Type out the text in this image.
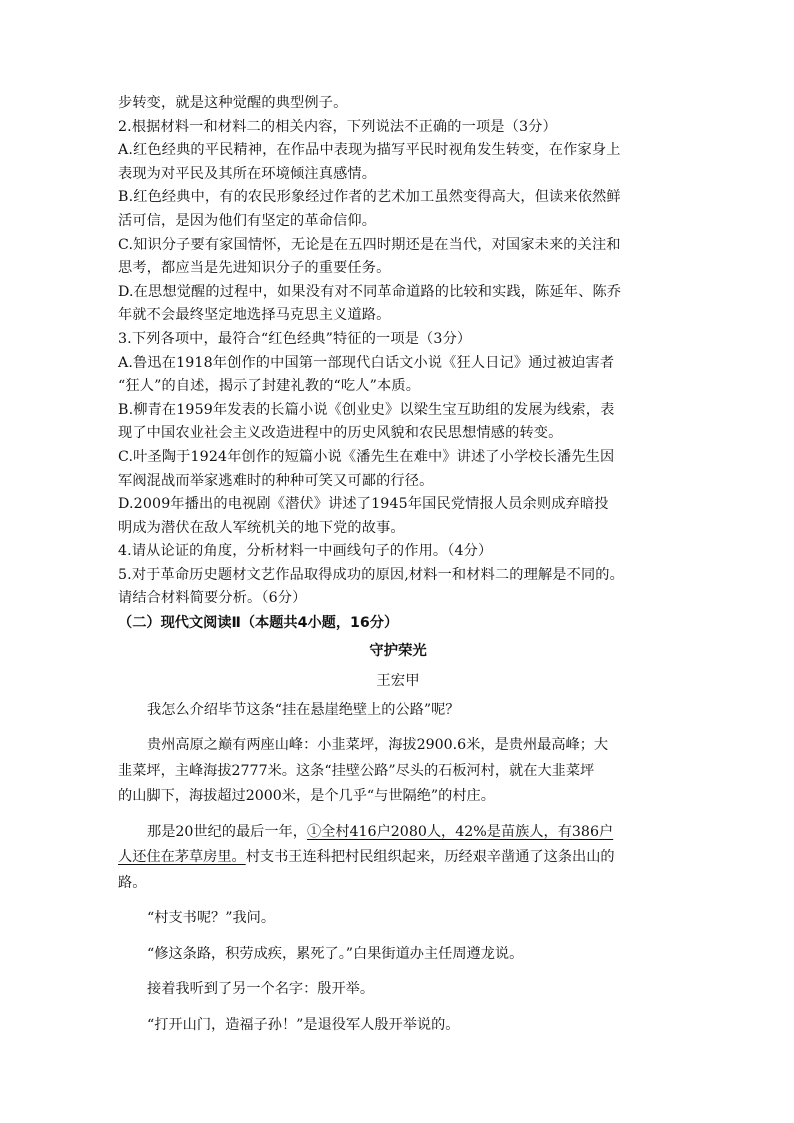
步转变，就是这种觉醒的典型例子。
2.根据材料一和材料二的相关内容，下列说法不正确的一项是（3分）
A.红色经典的平民精神，在作品中表现为描写平民时视角发生转变，在作家身上
表现为对平民及其所在环境倾注真感情。
B.红色经典中，有的农民形象经过作者的艺术加工虽然变得高大，但读来依然鲜
活可信，是因为他们有坚定的革命信仰。
C.知识分子要有家国情怀，无论是在五四时期还是在当代，对国家未来的关注和
思考，都应当是先进知识分子的重要任务。
D.在思想觉醒的过程中，如果没有对不同革命道路的比较和实践，陈延年、陈乔
年就不会最终坚定地选择马克思主义道路。
3.下列各项中，最符合“红色经典”特征的一项是（3分）
A.鲁迅在1918年创作的中国第一部现代白话文小说《狂人日记》通过被迫害者
“狂人”的自述，揭示了封建礼教的“吃人”本质。
B.柳青在1959年发表的长篇小说《创业史》以梁生宝互助组的发展为线索，表
现了中国农业社会主义改造进程中的历史风貌和农民思想情感的转变。
C.叶圣陶于1924年创作的短篇小说《潘先生在难中》讲述了小学校长潘先生因
军阀混战而举家逃难时的种种可笑又可鄙的行径。
D.2009年播出的电视剧《潜伏》讲述了1945年国民党情报人员余则成弃暗投
明成为潜伏在敌人军统机关的地下党的故事。
4.请从论证的角度，分析材料一中画线句子的作用。（4分）
5.对于革命历史题材文艺作品取得成功的原因,材料一和材料二的理解是不同的。
请结合材料简要分析。（6分）
（二）现代文阅读Ⅱ（本题共4小题，16分）
守护荣光
王宏甲
我怎么介绍毕节这条“挂在悬崖绝壁上的公路”呢？
贵州高原之巅有两座山峰：小韭菜坪，海拔2900.6米，是贵州最高峰；大
韭菜坪，主峰海拔2777米。这条“挂壁公路”尽头的石板河村，就在大韭菜坪
的山脚下，海拔超过2000米，是个几乎“与世隔绝”的村庄。
那是20世纪的最后一年，①全村416户2080人，42%是苗族人，有386户
人还住在茅草房里。村支书王连科把村民组织起来，历经艰辛凿通了这条出山的
路。
“村支书呢？”我问。
“修这条路，积劳成疾，累死了。”白果街道办主任周遵龙说。
接着我听到了另一个名字：殷开举。
“打开山门，造福子孙！”是退役军人殷开举说的。
